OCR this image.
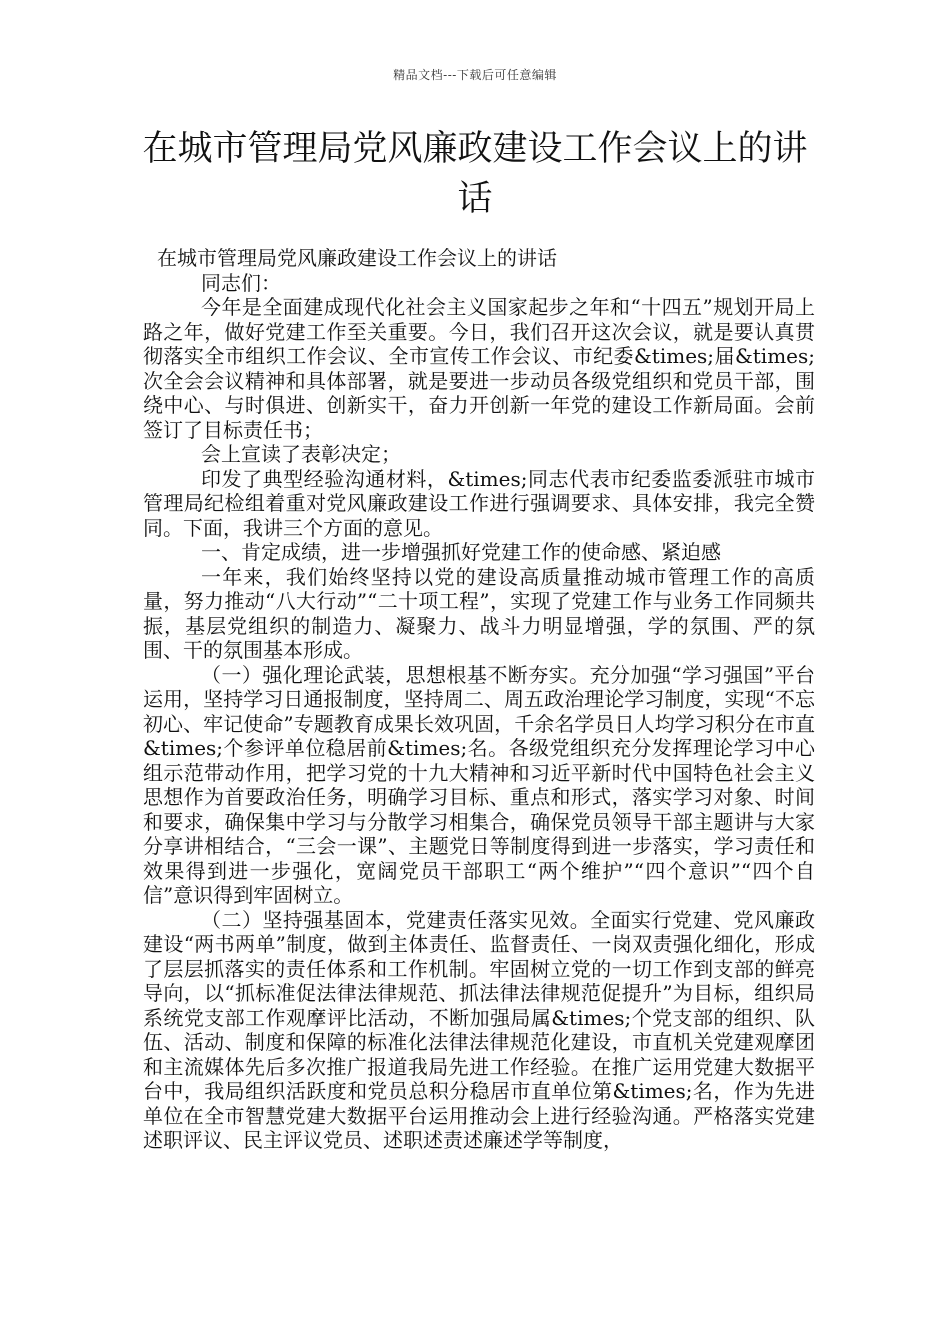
精品文档---下载后可任意编辑
在城市管理局党风廉政建设工作会议上的讲话

在城市管理局党风廉政建设工作会议上的讲话

同志们：

今年是全面建成现代化社会主义国家起步之年和“十四五”规划开局上路之年，做好党建工作至关重要。今日，我们召开这次会议，就是要认真贯彻落实全市组织工作会议、全市宣传工作会议、市纪委&times;届&times;次全会会议精神和具体部署，就是要进一步动员各级党组织和党员干部，围绕中心、与时俱进、创新实干，奋力开创新一年党的建设工作新局面。会前签订了目标责任书；

会上宣读了表彰决定；

印发了典型经验沟通材料，&times;同志代表市纪委监委派驻市城市管理局纪检组着重对党风廉政建设工作进行强调要求、具体安排，我完全赞同。下面，我讲三个方面的意见。

一、肯定成绩，进一步增强抓好党建工作的使命感、紧迫感

一年来，我们始终坚持以党的建设高质量推动城市管理工作的高质量，努力推动“八大行动”“二十项工程”，实现了党建工作与业务工作同频共振，基层党组织的制造力、凝聚力、战斗力明显增强，学的氛围、严的氛围、干的氛围基本形成。

（一）强化理论武装，思想根基不断夯实。充分加强“学习强国”平台运用，坚持学习日通报制度，坚持周二、周五政治理论学习制度，实现“不忘初心、牢记使命”专题教育成果长效巩固，千余名学员日人均学习积分在市直&times;个参评单位稳居前&times;名。各级党组织充分发挥理论学习中心组示范带动作用，把学习党的十九大精神和习近平新时代中国特色社会主义思想作为首要政治任务，明确学习目标、重点和形式，落实学习对象、时间和要求，确保集中学习与分散学习相集合，确保党员领导干部主题讲与大家分享讲相结合，“三会一课”、主题党日等制度得到进一步落实，学习责任和效果得到进一步强化，宽阔党员干部职工“两个维护”“四个意识”“四个自信”意识得到牢固树立。

（二）坚持强基固本，党建责任落实见效。全面实行党建、党风廉政建设“两书两单”制度，做到主体责任、监督责任、一岗双责强化细化，形成了层层抓落实的责任体系和工作机制。牢固树立党的一切工作到支部的鲜亮导向，以“抓标准促法律法律规范、抓法律法律规范促提升”为目标，组织局系统党支部工作观摩评比活动，不断加强局属&times;个党支部的组织、队伍、活动、制度和保障的标准化法律法律规范化建设，市直机关党建观摩团和主流媒体先后多次推广报道我局先进工作经验。在推广运用党建大数据平台中，我局组织活跃度和党员总积分稳居市直单位第&times;名，作为先进单位在全市智慧党建大数据平台运用推动会上进行经验沟通。严格落实党建述职评议、民主评议党员、述职述责述廉述学等制度，
